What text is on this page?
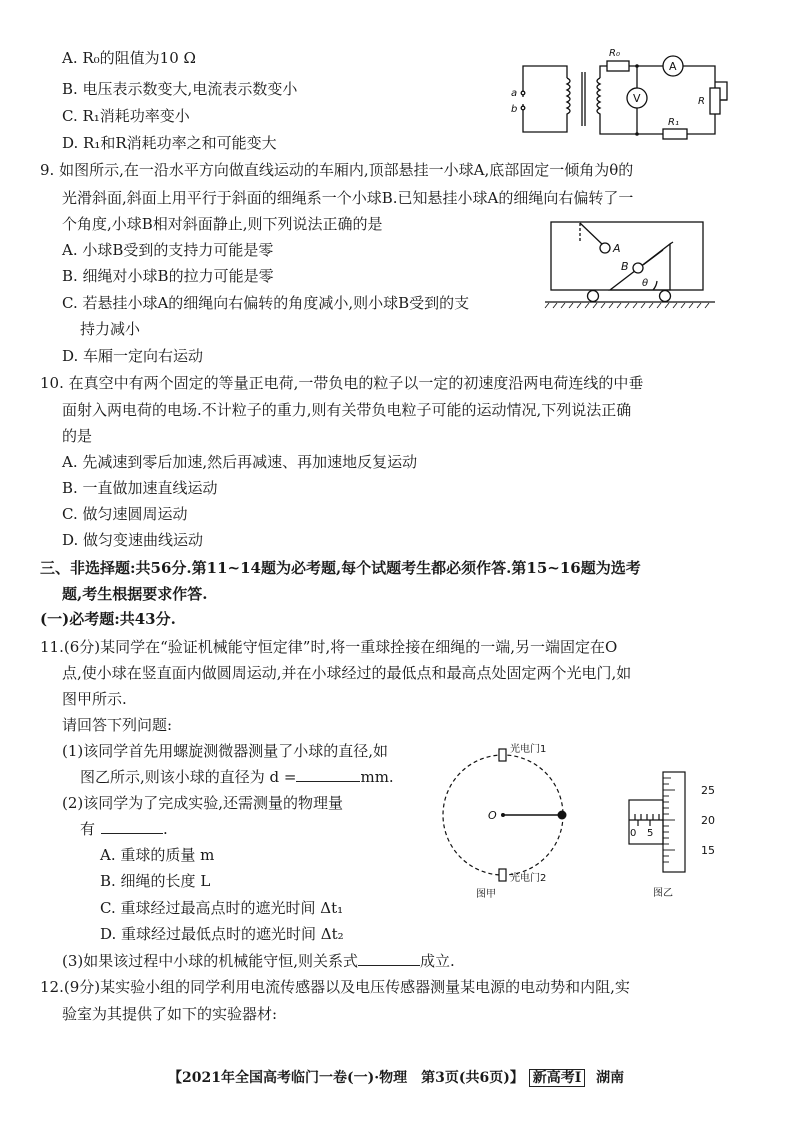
A. R₀的阻值为10 Ω
B. 电压表示数变大,电流表示数变小
C. R₁消耗功率变小
D. R₁和R消耗功率之和可能变大
a
b
R₀
R₁
R
A
V
9. 如图所示,在一沿水平方向做直线运动的车厢内,顶部悬挂一小球A,底部固定一倾角为θ的
光滑斜面,斜面上用平行于斜面的细绳系一个小球B.已知悬挂小球A的细绳向右偏转了一
个角度,小球B相对斜面静止,则下列说法正确的是
A. 小球B受到的支持力可能是零
B. 细绳对小球B的拉力可能是零
C. 若悬挂小球A的细绳向右偏转的角度减小,则小球B受到的支
持力减小
D. 车厢一定向右运动
A
B
θ
10. 在真空中有两个固定的等量正电荷,一带负电的粒子以一定的初速度沿两电荷连线的中垂
面射入两电荷的电场.不计粒子的重力,则有关带负电粒子可能的运动情况,下列说法正确
的是
A. 先减速到零后加速,然后再减速、再加速地反复运动
B. 一直做加速直线运动
C. 做匀速圆周运动
D. 做匀变速曲线运动
三、非选择题:共56分.第11~14题为必考题,每个试题考生都必须作答.第15~16题为选考
题,考生根据要求作答.
(一)必考题:共43分.
11.(6分)某同学在“验证机械能守恒定律”时,将一重球拴接在细绳的一端,另一端固定在O
点,使小球在竖直面内做圆周运动,并在小球经过的最低点和最高点处固定两个光电门,如
图甲所示.
请回答下列问题:
(1)该同学首先用螺旋测微器测量了小球的直径,如
图乙所示,则该小球的直径为 d =	mm.
(2)该同学为了完成实验,还需测量的物理量
有	.
A. 重球的质量 m
B. 细绳的长度 L
C. 重球经过最高点时的遮光时间 Δt₁
D. 重球经过最低点时的遮光时间 Δt₂
(3)如果该过程中小球的机械能守恒,则关系式	成立.
光电门1
光电门2
O
图甲
25
20
15
0 5
图乙
12.(9分)某实验小组的同学利用电流传感器以及电压传感器测量某电源的电动势和内阻,实
验室为其提供了如下的实验器材:
【2021年全国高考临门一卷(一)·物理　第3页(共6页)】 新高考Ⅰ 湖南
